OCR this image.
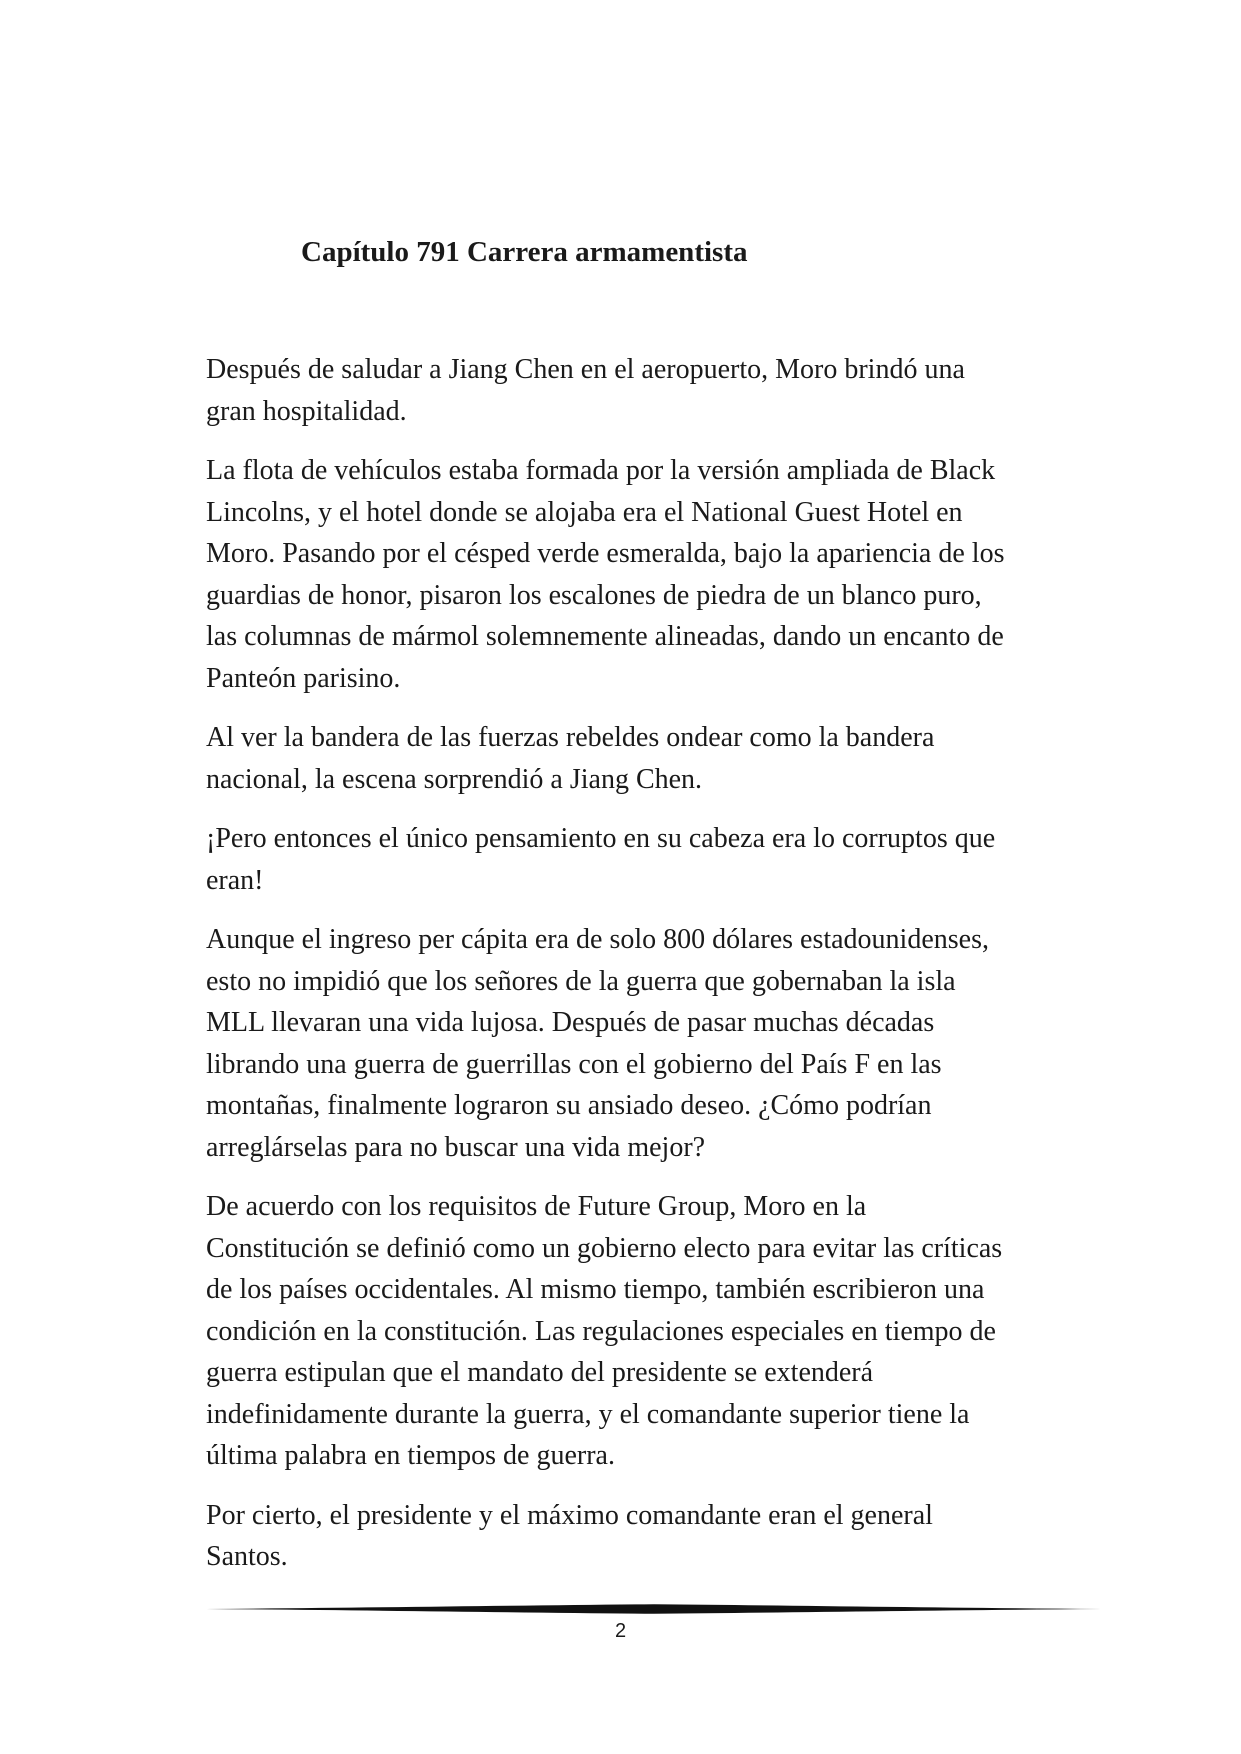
Capítulo 791 Carrera armamentista

Después de saludar a Jiang Chen en el aeropuerto, Moro brindó una
gran hospitalidad.

La flota de vehículos estaba formada por la versión ampliada de Black
Lincolns, y el hotel donde se alojaba era el National Guest Hotel en
Moro. Pasando por el césped verde esmeralda, bajo la apariencia de los
guardias de honor, pisaron los escalones de piedra de un blanco puro,
las columnas de mármol solemnemente alineadas, dando un encanto de
Panteón parisino.

Al ver la bandera de las fuerzas rebeldes ondear como la bandera
nacional, la escena sorprendió a Jiang Chen.

¡Pero entonces el único pensamiento en su cabeza era lo corruptos que
eran!

Aunque el ingreso per cápita era de solo 800 dólares estadounidenses,
esto no impidió que los señores de la guerra que gobernaban la isla
MLL llevaran una vida lujosa. Después de pasar muchas décadas
librando una guerra de guerrillas con el gobierno del País F en las
montañas, finalmente lograron su ansiado deseo. ¿Cómo podrían
arreglárselas para no buscar una vida mejor?

De acuerdo con los requisitos de Future Group, Moro en la
Constitución se definió como un gobierno electo para evitar las críticas
de los países occidentales. Al mismo tiempo, también escribieron una
condición en la constitución. Las regulaciones especiales en tiempo de
guerra estipulan que el mandato del presidente se extenderá
indefinidamente durante la guerra, y el comandante superior tiene la
última palabra en tiempos de guerra.

Por cierto, el presidente y el máximo comandante eran el general
Santos.

2
